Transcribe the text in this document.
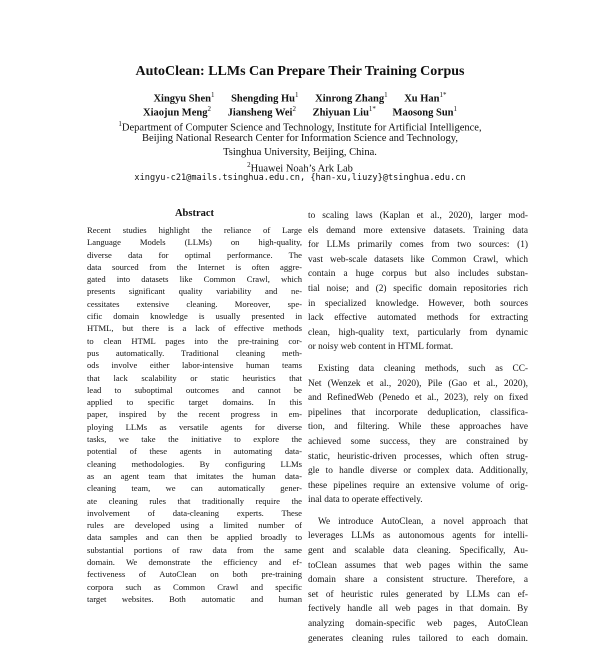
AutoClean: LLMs Can Prepare Their Training Corpus
Xingyu Shen$^1$ Shengding Hu$^1$ Xinrong Zhang$^1$ Xu Han$^{1*}$
Xiaojun Meng$^2$ Jiansheng Wei$^2$ Zhiyuan Liu$^{1*}$ Maosong Sun$^1$
$^1$Department of Computer Science and Technology, Institute for Artificial Intelligence,
Beijing National Research Center for Information Science and Technology,
Tsinghua University, Beijing, China.
$^2$Huawei Noah’s Ark Lab
xingyu-c21@mails.tsinghua.edu.cn, {han-xu,liuzy}@tsinghua.edu.cn
Abstract
Recent studies highlight the reliance of Large
Language Models (LLMs) on high-quality,
diverse data for optimal performance. The
data sourced from the Internet is often aggre-
gated into datasets like Common Crawl, which
presents significant quality variability and ne-
cessitates extensive cleaning. Moreover, spe-
cific domain knowledge is usually presented in
HTML, but there is a lack of effective methods
to clean HTML pages into the pre-training cor-
pus automatically. Traditional cleaning meth-
ods involve either labor-intensive human teams
that lack scalability or static heuristics that
lead to suboptimal outcomes and cannot be
applied to specific target domains. In this
paper, inspired by the recent progress in em-
ploying LLMs as versatile agents for diverse
tasks, we take the initiative to explore the
potential of these agents in automating data-
cleaning methodologies. By configuring LLMs
as an agent team that imitates the human data-
cleaning team, we can automatically gener-
ate cleaning rules that traditionally require the
involvement of data-cleaning experts. These
rules are developed using a limited number of
data samples and can then be applied broadly to
substantial portions of raw data from the same
domain. We demonstrate the efficiency and ef-
fectiveness of AutoClean on both pre-training
corpora such as Common Crawl and specific
target websites. Both automatic and human
to scaling laws (Kaplan et al., 2020), larger mod-
els demand more extensive datasets. Training data
for LLMs primarily comes from two sources: (1)
vast web-scale datasets like Common Crawl, which
contain a huge corpus but also includes substan-
tial noise; and (2) specific domain repositories rich
in specialized knowledge. However, both sources
lack effective automated methods for extracting
clean, high-quality text, particularly from dynamic
or noisy web content in HTML format.
Existing data cleaning methods, such as CC-
Net (Wenzek et al., 2020), Pile (Gao et al., 2020),
and RefinedWeb (Penedo et al., 2023), rely on fixed
pipelines that incorporate deduplication, classifica-
tion, and filtering. While these approaches have
achieved some success, they are constrained by
static, heuristic-driven processes, which often strug-
gle to handle diverse or complex data. Additionally,
these pipelines require an extensive volume of orig-
inal data to operate effectively.
We introduce AutoClean, a novel approach that
leverages LLMs as autonomous agents for intelli-
gent and scalable data cleaning. Specifically, Au-
toClean assumes that web pages within the same
domain share a consistent structure. Therefore, a
set of heuristic rules generated by LLMs can ef-
fectively handle all web pages in that domain. By
analyzing domain-specific web pages, AutoClean
generates cleaning rules tailored to each domain.
